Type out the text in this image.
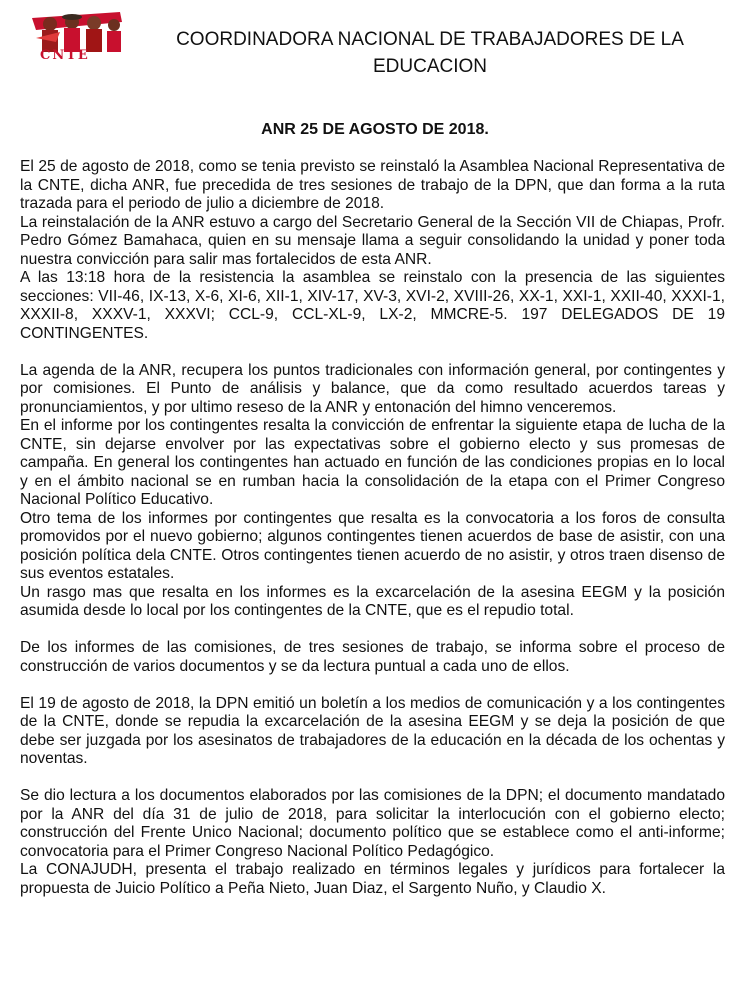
CNTE
COORDINADORA NACIONAL DE TRABAJADORES DE LA
EDUCACION
ANR 25 DE AGOSTO DE 2018.

El 25 de agosto de 2018, como se tenia previsto se reinstaló la Asamblea Nacional Representativa de la CNTE, dicha ANR, fue precedida de tres sesiones de trabajo de la DPN, que dan forma a la ruta trazada para el periodo de julio a diciembre de 2018.

La reinstalación de la ANR estuvo a cargo del Secretario General de la Sección VII de Chiapas, Profr. Pedro Gómez Bamahaca, quien en su mensaje llama a seguir consolidando la unidad y poner toda nuestra convicción para salir mas fortalecidos de esta ANR.

A las 13:18 hora de la resistencia la asamblea se reinstalo con la presencia de las siguientes secciones: VII-46, IX-13, X-6, XI-6, XII-1, XIV-17, XV-3, XVI-2, XVIII-26, XX-1, XXI-1, XXII-40, XXXI-1, XXXII-8, XXXV-1, XXXVI; CCL-9, CCL-XL-9, LX-2, MMCRE-5. 197 DELEGADOS DE 19 CONTINGENTES.

La agenda de la ANR, recupera los puntos tradicionales con información general, por contingentes y por comisiones. El Punto de análisis y balance, que da como resultado acuerdos tareas y pronunciamientos, y por ultimo reseso de la ANR y entonación del himno venceremos.

En el informe por los contingentes resalta la convicción de enfrentar la siguiente etapa de lucha de la CNTE, sin dejarse envolver por las expectativas sobre el gobierno electo y sus promesas de campaña. En general los contingentes han actuado en función de las condiciones propias en lo local y en el ámbito nacional se en rumban hacia la consolidación de la etapa con el Primer Congreso Nacional Político Educativo.

Otro tema de los informes por contingentes que resalta es la convocatoria a los foros de consulta promovidos por el nuevo gobierno; algunos contingentes tienen acuerdos de base de asistir, con una posición política dela CNTE. Otros contingentes tienen acuerdo de no asistir, y otros traen disenso de sus eventos estatales.

Un rasgo mas que resalta en los informes es la excarcelación de la asesina EEGM y la posición asumida desde lo local por los contingentes de la CNTE, que es el repudio total.

De los informes de las comisiones, de tres sesiones de trabajo, se informa sobre el proceso de construcción de varios documentos y se da lectura puntual a cada uno de ellos.

El 19 de agosto de 2018, la DPN emitió un boletín a los medios de comunicación y a los contingentes de la CNTE, donde se repudia la excarcelación de la asesina EEGM y se deja la posición de que debe ser juzgada por los asesinatos de trabajadores de la educación en la década de los ochentas y noventas.

Se dio lectura a los documentos elaborados por las comisiones de la DPN; el documento mandatado por la ANR del día 31 de julio de 2018, para solicitar la interlocución con el gobierno electo; construcción del Frente Unico Nacional; documento político que se establece como el anti-informe; convocatoria para el Primer Congreso Nacional Político Pedagógico.

La CONAJUDH, presenta el trabajo realizado en términos legales y jurídicos para fortalecer la propuesta de Juicio Político a Peña Nieto, Juan Diaz, el Sargento Nuño, y Claudio X.
